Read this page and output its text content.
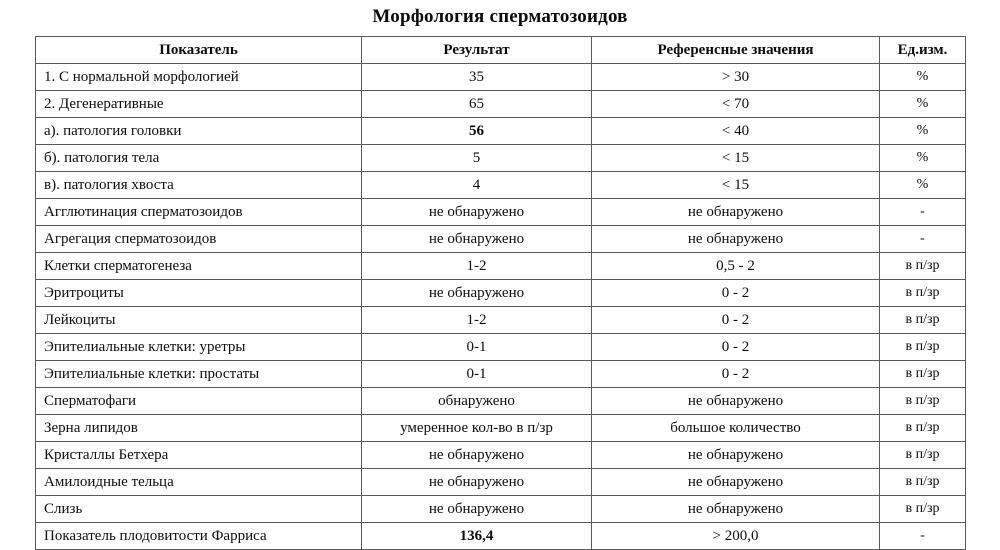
Морфология сперматозоидов
Показатель	Результат	Референсные значения	Ед.изм.
1. С нормальной морфологией	35	> 30	%
2. Дегенеративные	65	< 70	%
а). патология головки	56	< 40	%
б). патология тела	5	< 15	%
в). патология хвоста	4	< 15	%
Агглютинация сперматозоидов	не обнаружено	не обнаружено	-
Агрегация сперматозоидов	не обнаружено	не обнаружено	-
Клетки сперматогенеза	1-2	0,5 - 2	в п/зр
Эритроциты	не обнаружено	0 - 2	в п/зр
Лейкоциты	1-2	0 - 2	в п/зр
Эпителиальные клетки: уретры	0-1	0 - 2	в п/зр
Эпителиальные клетки: простаты	0-1	0 - 2	в п/зр
Сперматофаги	обнаружено	не обнаружено	в п/зр
Зерна липидов	умеренное кол-во в п/зр	большое количество	в п/зр
Кристаллы Бетхера	не обнаружено	не обнаружено	в п/зр
Амилоидные тельца	не обнаружено	не обнаружено	в п/зр
Слизь	не обнаружено	не обнаружено	в п/зр
Показатель плодовитости Фарриса	136,4	> 200,0	-
